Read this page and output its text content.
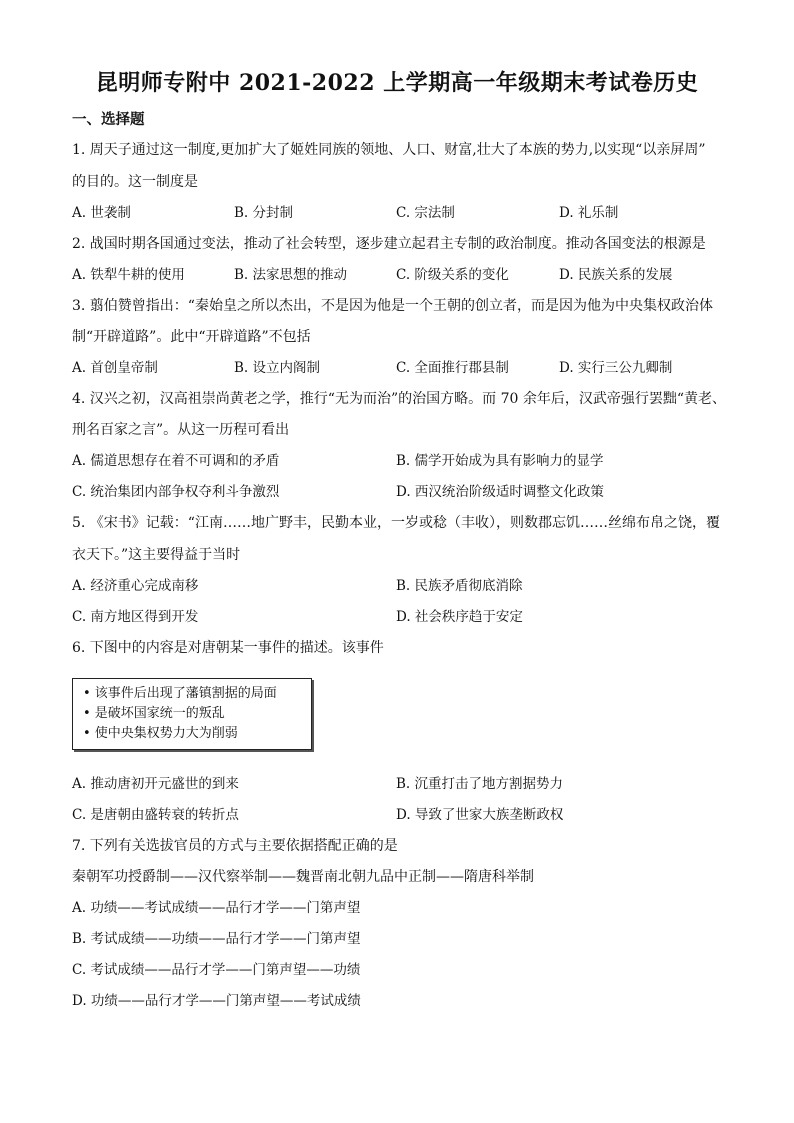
昆明师专附中 2021-2022 上学期高一年级期末考试卷历史
一、选择题
1. 周天子通过这一制度,更加扩大了姬姓同族的领地、人口、财富,壮大了本族的势力,以实现“以亲屏周”
的目的。这一制度是
A. 世袭制	B. 分封制	C. 宗法制	D. 礼乐制
2. 战国时期各国通过变法，推动了社会转型，逐步建立起君主专制的政治制度。推动各国变法的根源是
A. 铁犁牛耕的使用	B. 法家思想的推动	C. 阶级关系的变化	D. 民族关系的发展
3. 翦伯赞曾指出：“秦始皇之所以杰出，不是因为他是一个王朝的创立者，而是因为他为中央集权政治体
制“开辟道路”。此中“开辟道路”不包括
A. 首创皇帝制	B. 设立内阁制	C. 全面推行郡县制	D. 实行三公九卿制
4. 汉兴之初，汉高祖崇尚黄老之学，推行“无为而治”的治国方略。而 70 余年后，汉武帝强行罢黜“黄老、
刑名百家之言”。从这一历程可看出
A. 儒道思想存在着不可调和的矛盾	B. 儒学开始成为具有影响力的显学
C. 统治集团内部争权夺利斗争激烈	D. 西汉统治阶级适时调整文化政策
5. 《宋书》记载：“江南……地广野丰，民勤本业，一岁或稔（丰收），则数郡忘饥……丝绵布帛之饶，覆
衣天下。”这主要得益于当时
A. 经济重心完成南移	B. 民族矛盾彻底消除
C. 南方地区得到开发	D. 社会秩序趋于安定
6. 下图中的内容是对唐朝某一事件的描述。该事件
• 该事件后出现了藩镇割据的局面
• 是破坏国家统一的叛乱
• 使中央集权势力大为削弱
A. 推动唐初开元盛世的到来	B. 沉重打击了地方割据势力
C. 是唐朝由盛转衰的转折点	D. 导致了世家大族垄断政权
7. 下列有关选拔官员的方式与主要依据搭配正确的是
秦朝军功授爵制——汉代察举制——魏晋南北朝九品中正制——隋唐科举制
A. 功绩——考试成绩——品行才学——门第声望
B. 考试成绩——功绩——品行才学——门第声望
C. 考试成绩——品行才学——门第声望——功绩
D. 功绩——品行才学——门第声望——考试成绩
